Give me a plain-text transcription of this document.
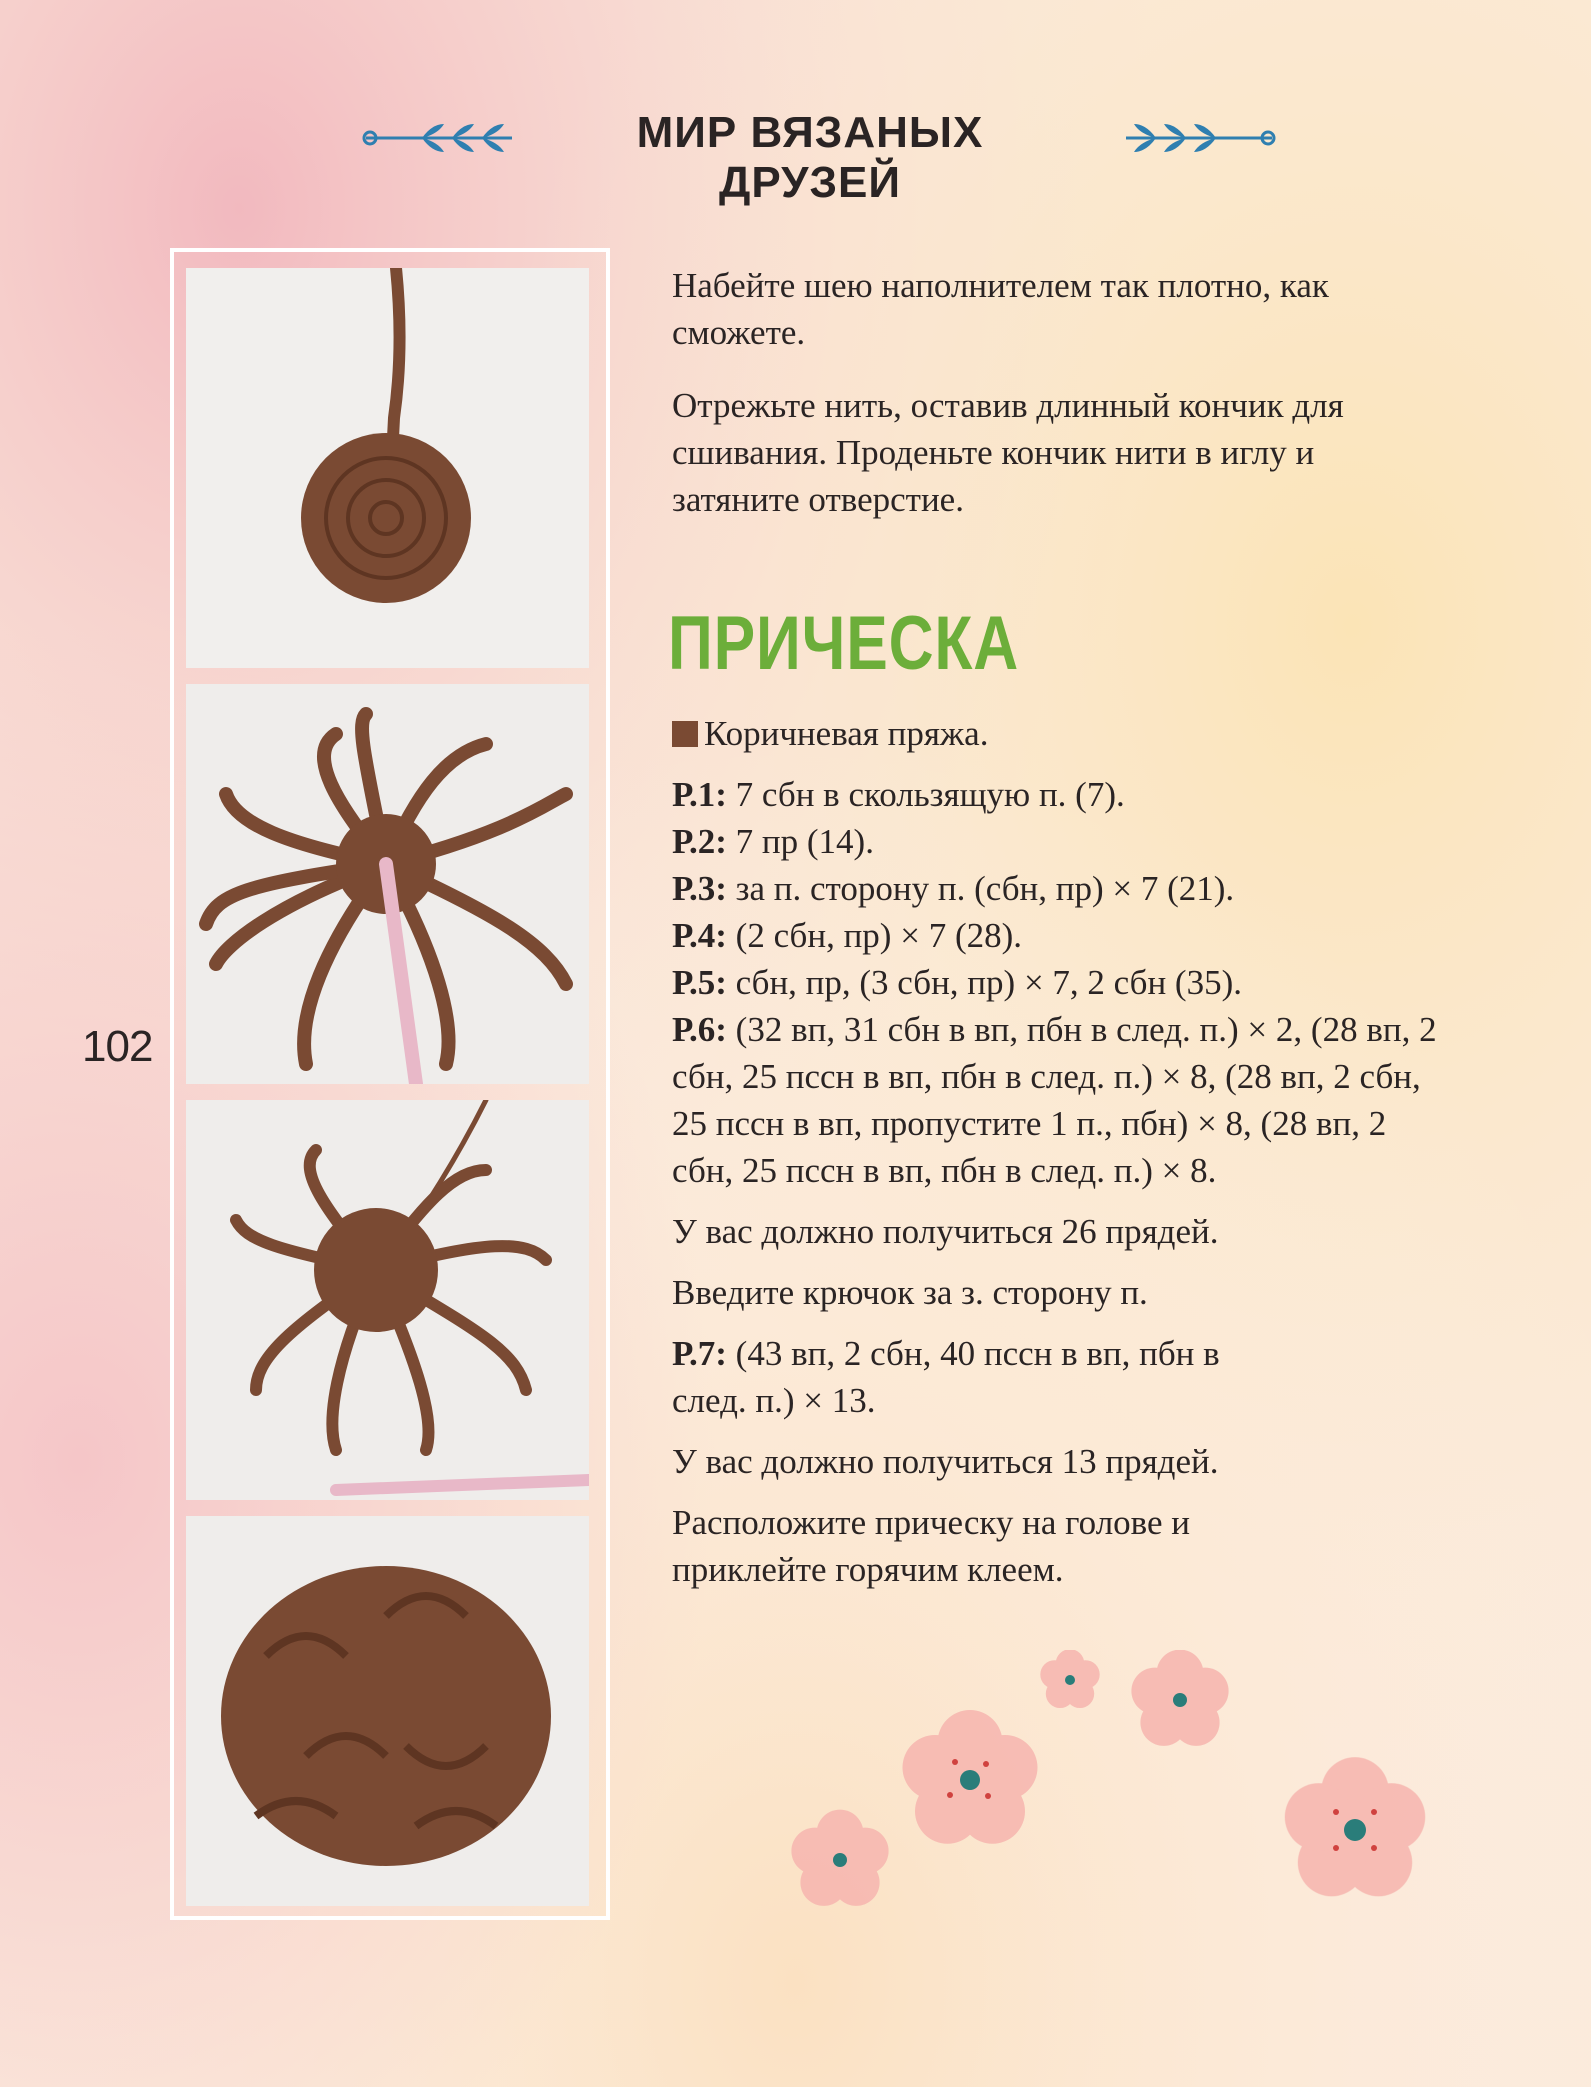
МИР ВЯЗАНЫХ ДРУЗЕЙ
102

Набейте шею наполнителем так плотно, как сможете.

Отрежьте нить, оставив длинный кончик для сшивания. Проденьте кончик нити в иглу и затяните отверстие.

ПРИЧЕСКА

Коричневая пряжа.

Р.1: 7 сбн в скользящую п. (7).

Р.2: 7 пр (14).

Р.3: за п. сторону п. (сбн, пр) × 7 (21).

Р.4: (2 сбн, пр) × 7 (28).

Р.5: сбн, пр, (3 сбн, пр) × 7, 2 сбн (35).

Р.6: (32 вп, 31 сбн в вп, пбн в след. п.) × 2, (28 вп, 2 сбн, 25 пссн в вп, пбн в след. п.) × 8, (28 вп, 2 сбн, 25 пссн в вп, пропустите 1 п., пбн) × 8, (28 вп, 2 сбн, 25 пссн в вп, пбн в след. п.) × 8.

У вас должно получиться 26 прядей.

Введите крючок за з. сторону п.

Р.7: (43 вп, 2 сбн, 40 пссн в вп, пбн в след. п.) × 13.

У вас должно получиться 13 прядей.

Расположите прическу на голове и приклейте горячим клеем.
